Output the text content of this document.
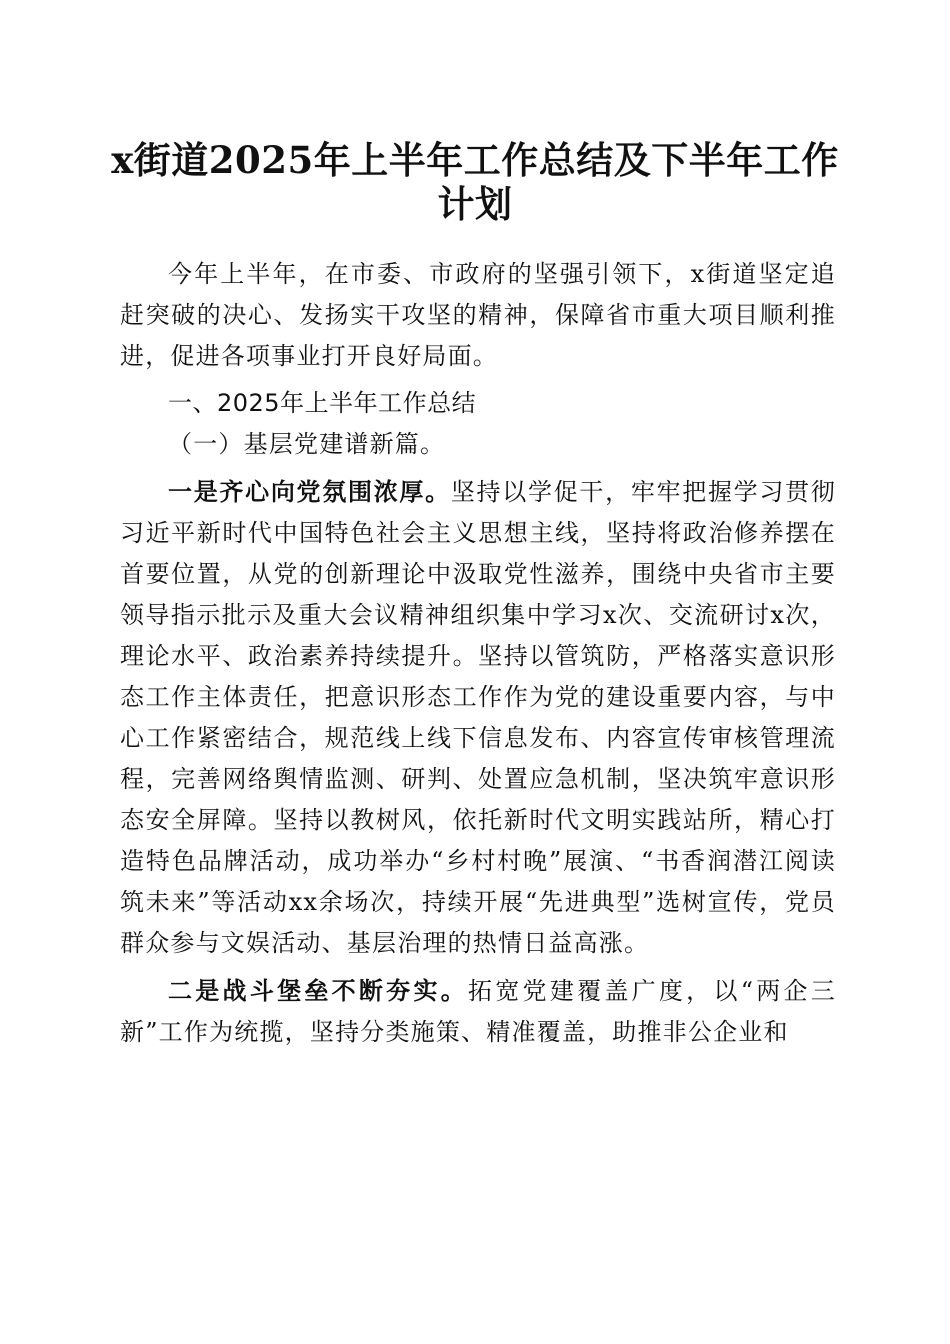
x街道2025年上半年工作总结及下半年工作计划

今年上半年，在市委、市政府的坚强引领下，x街道坚定追赶突破的决心、发扬实干攻坚的精神，保障省市重大项目顺利推进，促进各项事业打开良好局面。

一、2025年上半年工作总结

（一）基层党建谱新篇。

一是齐心向党氛围浓厚。坚持以学促干，牢牢把握学习贯彻习近平新时代中国特色社会主义思想主线，坚持将政治修养摆在首要位置，从党的创新理论中汲取党性滋养，围绕中央省市主要领导指示批示及重大会议精神组织集中学习x次、交流研讨x次，理论水平、政治素养持续提升。坚持以管筑防，严格落实意识形态工作主体责任，把意识形态工作作为党的建设重要内容，与中心工作紧密结合，规范线上线下信息发布、内容宣传审核管理流程，完善网络舆情监测、研判、处置应急机制，坚决筑牢意识形态安全屏障。坚持以教树风，依托新时代文明实践站所，精心打造特色品牌活动，成功举办“乡村村晚”展演、“书香润潜江阅读筑未来”等活动xx余场次，持续开展“先进典型”选树宣传，党员群众参与文娱活动、基层治理的热情日益高涨。

二是战斗堡垒不断夯实。拓宽党建覆盖广度，以“两企三新”工作为统揽，坚持分类施策、精准覆盖，助推非公企业和
